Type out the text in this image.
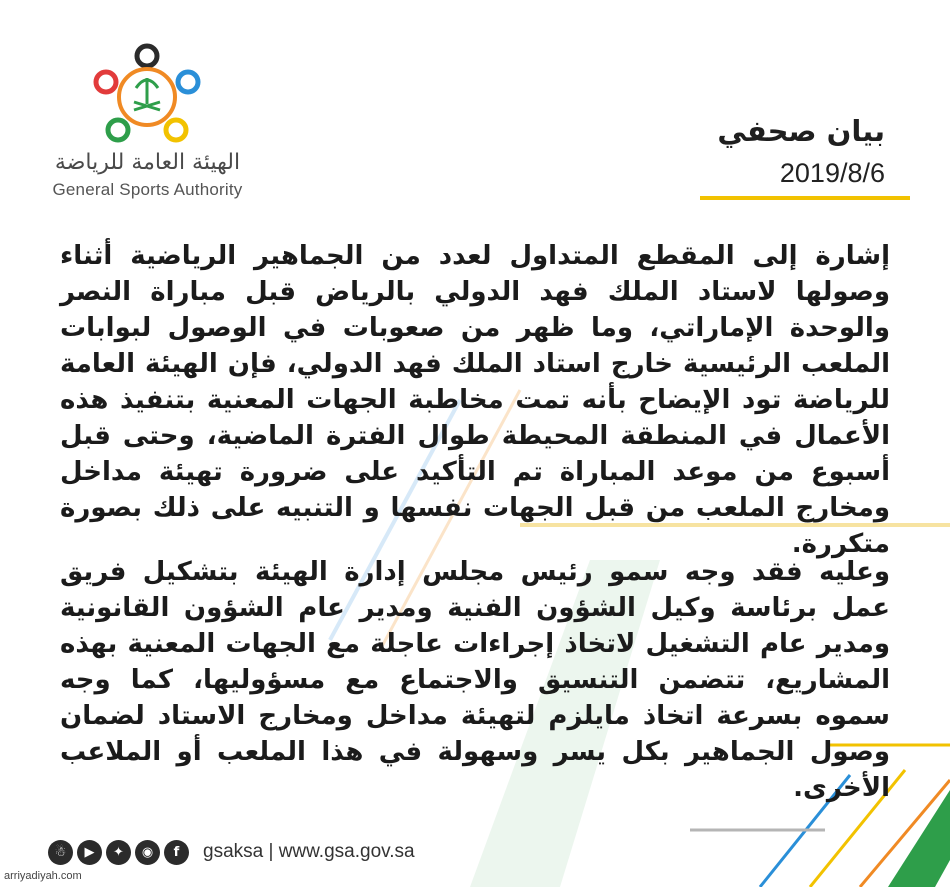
الهيئة العامة للرياضة
General Sports Authority
بيان صحفي
2019/8/6

إشارة إلى المقطع المتداول لعدد من الجماهير الرياضية أثناء وصولها لاستاد الملك فهد الدولي بالرياض قبل مباراة النصر والوحدة الإماراتي، وما ظهر من صعوبات في الوصول لبوابات الملعب الرئيسية خارج استاد الملك فهد الدولي، فإن الهيئة العامة للرياضة تود الإيضاح بأنه تمت مخاطبة الجهات المعنية بتنفيذ هذه الأعمال في المنطقة المحيطة طوال الفترة الماضية، وحتى قبل أسبوع من موعد المباراة تم التأكيد على ضرورة تهيئة مداخل ومخارج الملعب من قبل الجهات نفسها و التنبيه على ذلك بصورة متكررة.

وعليه فقد وجه سمو رئيس مجلس إدارة الهيئة بتشكيل فريق عمل برئاسة وكيل الشؤون الفنية ومدير عام الشؤون القانونية ومدير عام التشغيل لاتخاذ إجراءات عاجلة مع الجهات المعنية بهذه المشاريع، تتضمن التنسيق والاجتماع مع مسؤوليها، كما وجه سموه بسرعة اتخاذ مايلزم لتهيئة مداخل ومخارج الاستاد لضمان وصول الجماهير بكل يسر وسهولة في هذا الملعب أو الملاعب الأخرى.

☃	▶	✦	◉	f	gsaksa | www.gsa.gov.sa
arriyadiyah.com
